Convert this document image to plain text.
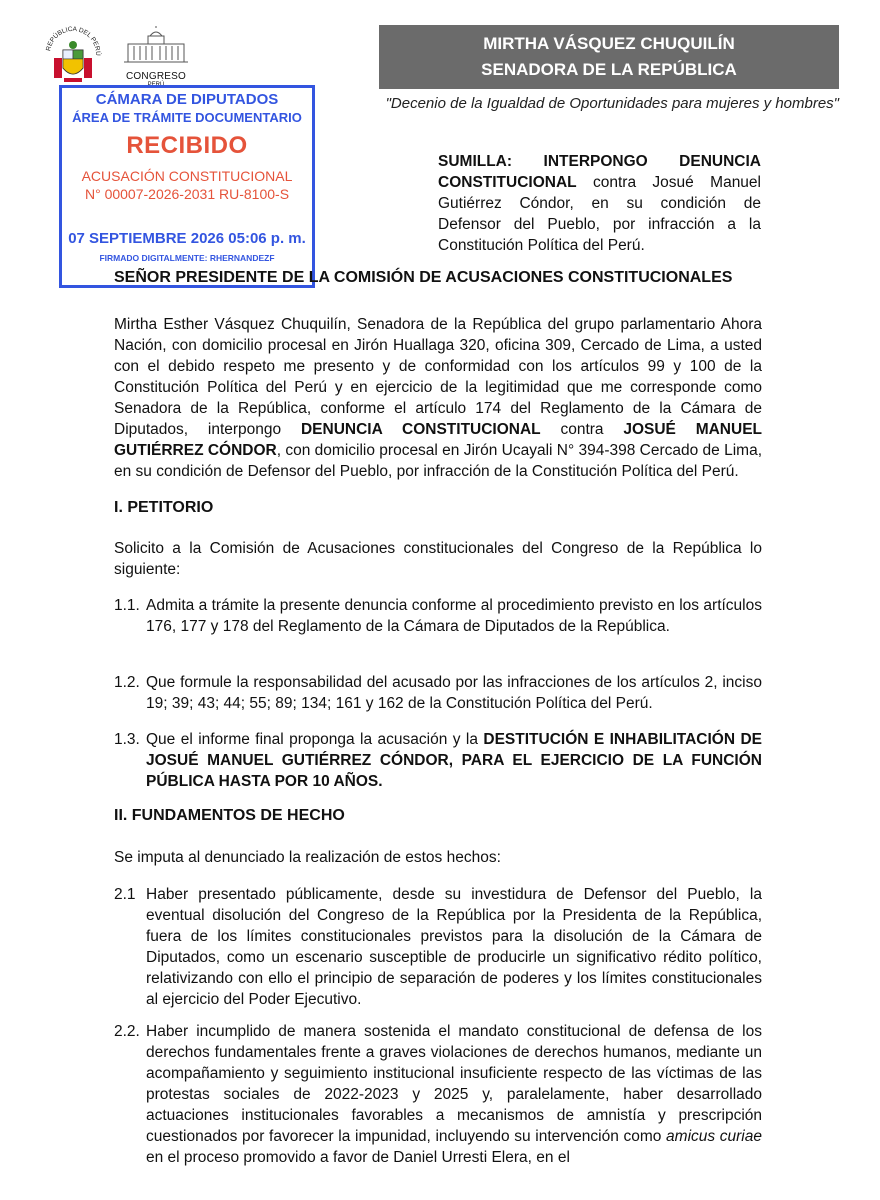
REPÚBLICA DEL PERÚ
CONGRESO
PERÚ
MIRTHA VÁSQUEZ CHUQUILÍN
SENADORA DE LA REPÚBLICA
"Decenio de la Igualdad de Oportunidades para mujeres y hombres"
CÁMARA DE DIPUTADOS
ÁREA DE TRÁMITE DOCUMENTARIO
RECIBIDO
ACUSACIÓN CONSTITUCIONAL
N° 00007-2026-2031 RU-8100-S
07 SEPTIEMBRE 2026 05:06 p. m.
FIRMADO DIGITALMENTE: RHERNANDEZF
SUMILLA: INTERPONGO DENUNCIA CONSTITUCIONAL contra Josué Manuel Gutiérrez Cóndor, en su condición de Defensor del Pueblo, por infracción a la Constitución Política del Perú.
SEÑOR PRESIDENTE DE LA COMISIÓN DE ACUSACIONES CONSTITUCIONALES
Mirtha Esther Vásquez Chuquilín, Senadora de la República del grupo parlamentario Ahora Nación, con domicilio procesal en Jirón Huallaga 320, oficina 309, Cercado de Lima, a usted con el debido respeto me presento y de conformidad con los artículos 99 y 100 de la Constitución Política del Perú y en ejercicio de la legitimidad que me corresponde como Senadora de la República, conforme el artículo 174 del Reglamento de la Cámara de Diputados, interpongo DENUNCIA CONSTITUCIONAL contra JOSUÉ MANUEL GUTIÉRREZ CÓNDOR, con domicilio procesal en Jirón Ucayali N° 394-398 Cercado de Lima, en su condición de Defensor del Pueblo, por infracción de la Constitución Política del Perú.
I. PETITORIO
Solicito a la Comisión de Acusaciones constitucionales del Congreso de la República lo siguiente:
1.1. Admita a trámite la presente denuncia conforme al procedimiento previsto en los artículos 176, 177 y 178 del Reglamento de la Cámara de Diputados de la República.
1.2. Que formule la responsabilidad del acusado por las infracciones de los artículos 2, inciso 19; 39; 43; 44; 55; 89; 134; 161 y 162 de la Constitución Política del Perú.
1.3. Que el informe final proponga la acusación y la DESTITUCIÓN E INHABILITACIÓN DE JOSUÉ MANUEL GUTIÉRREZ CÓNDOR, PARA EL EJERCICIO DE LA FUNCIÓN PÚBLICA HASTA POR 10 AÑOS.
II. FUNDAMENTOS DE HECHO
Se imputa al denunciado la realización de estos hechos:
2.1 Haber presentado públicamente, desde su investidura de Defensor del Pueblo, la eventual disolución del Congreso de la República por la Presidenta de la República, fuera de los límites constitucionales previstos para la disolución de la Cámara de Diputados, como un escenario susceptible de producirle un significativo rédito político, relativizando con ello el principio de separación de poderes y los límites constitucionales al ejercicio del Poder Ejecutivo.
2.2. Haber incumplido de manera sostenida el mandato constitucional de defensa de los derechos fundamentales frente a graves violaciones de derechos humanos, mediante un acompañamiento y seguimiento institucional insuficiente respecto de las víctimas de las protestas sociales de 2022-2023 y 2025 y, paralelamente, haber desarrollado actuaciones institucionales favorables a mecanismos de amnistía y prescripción cuestionados por favorecer la impunidad, incluyendo su intervención como amicus curiae en el proceso promovido a favor de Daniel Urresti Elera, en el
